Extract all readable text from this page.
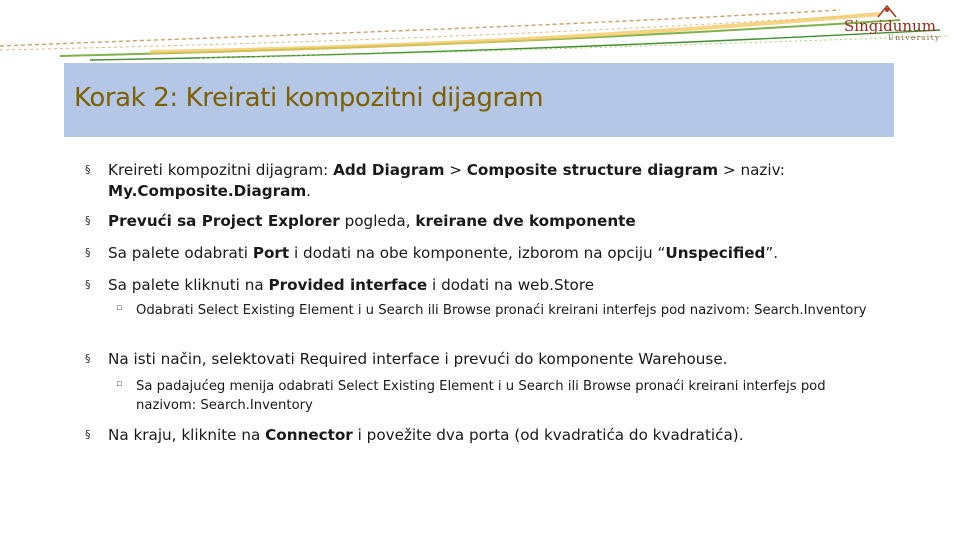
Singidunum
University
Korak 2: Kreirati kompozitni dijagram
§ Kreireti kompozitni dijagram: Add Diagram > Composite structure diagram > naziv: My.Composite.Diagram.
§ Prevući sa Project Explorer pogleda, kreirane dve komponente
§ Sa palete odabrati Port i dodati na obe komponente, izborom na opciju “Unspecified”.
§ Sa palete kliknuti na Provided interface i dodati na web.Store
▫ Odabrati Select Existing Element i u Search ili Browse pronaći kreirani interfejs pod nazivom: Search.Inventory
§ Na isti način, selektovati Required interface i prevući do komponente Warehouse.
▫ Sa padajućeg menija odabrati Select Existing Element i u Search ili Browse pronaći kreirani interfejs pod nazivom: Search.Inventory
§ Na kraju, kliknite na Connector i povežite dva porta (od kvadratića do kvadratića).
